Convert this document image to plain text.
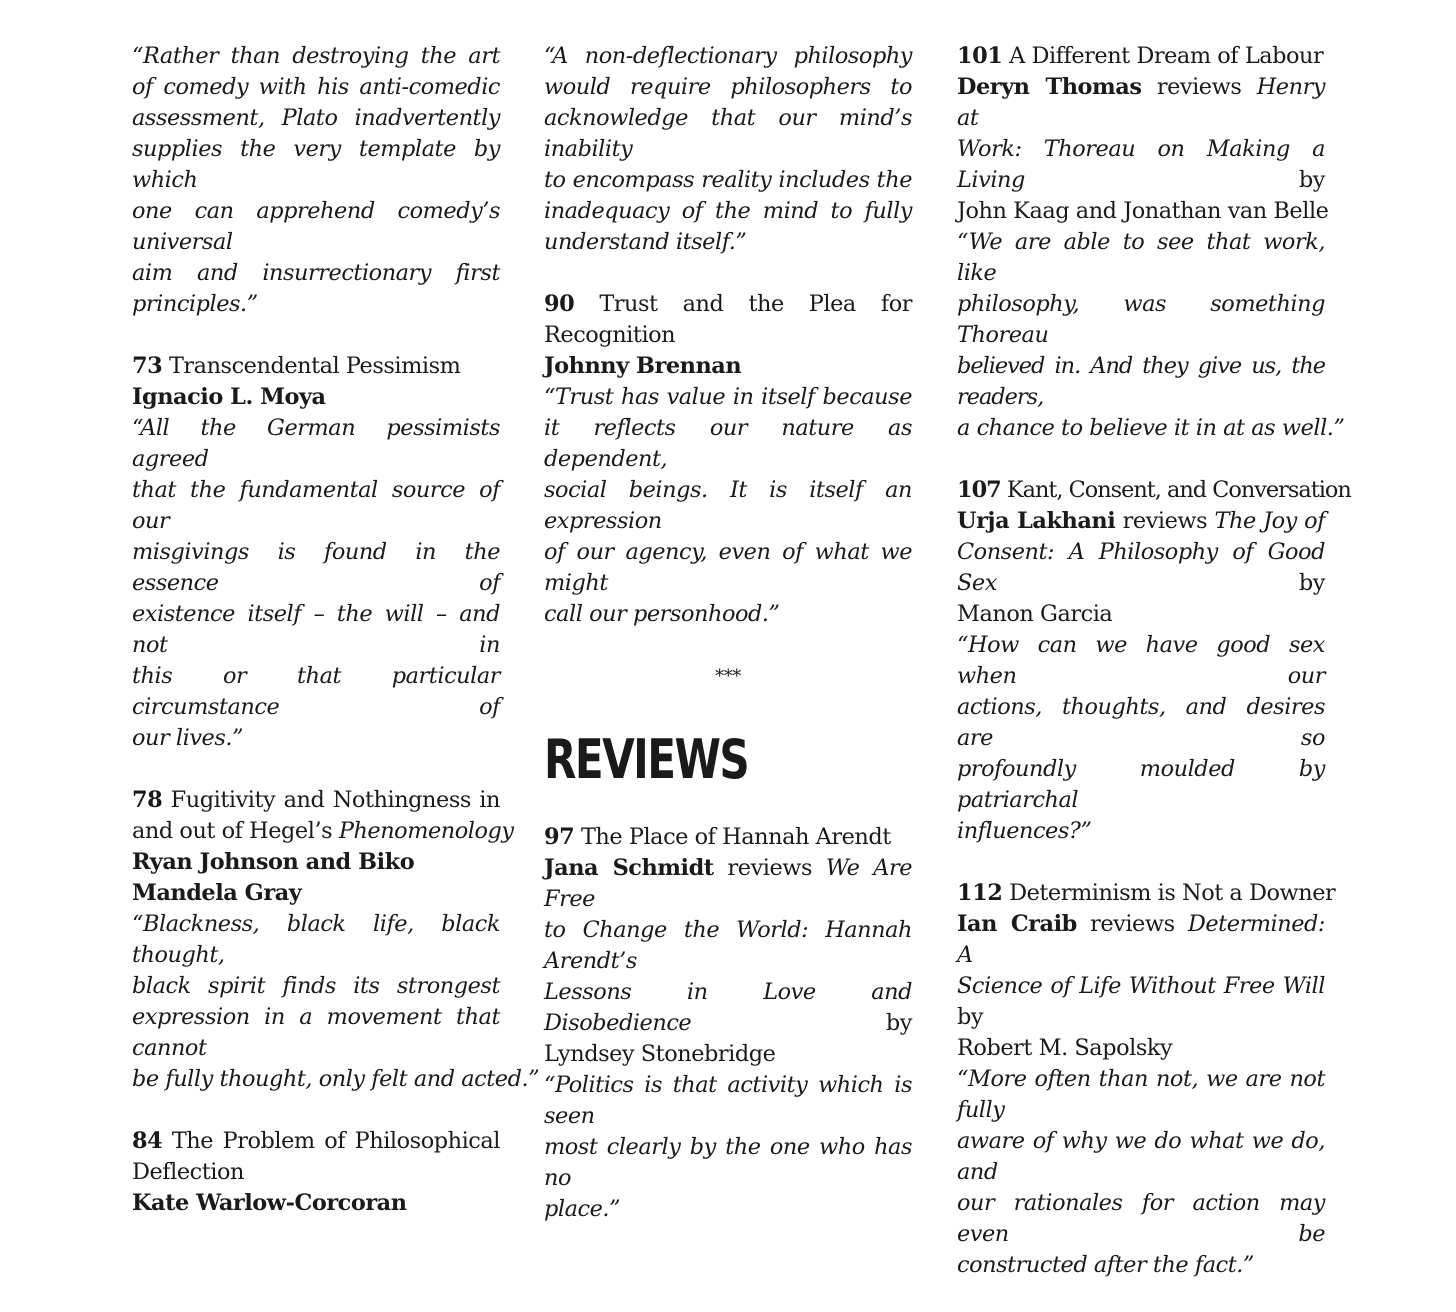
“Rather than destroying the art
of comedy with his anti-comedic
assessment, Plato inadvertently
supplies the very template by which
one can apprehend comedy’s universal
aim and insurrectionary first
principles.”
73 Transcendental Pessimism
Ignacio L. Moya
“All the German pessimists agreed
that the fundamental source of our
misgivings is found in the essence of
existence itself – the will – and not in
this or that particular circumstance of
our lives.”
78 Fugitivity and Nothingness in
and out of Hegel’s Phenomenology
Ryan Johnson and Biko
Mandela Gray
“Blackness, black life, black thought,
black spirit finds its strongest
expression in a movement that cannot
be fully thought, only felt and acted.”
84 The Problem of Philosophical
Deflection
Kate Warlow-Corcoran
“A non-deflectionary philosophy
would require philosophers to
acknowledge that our mind’s inability
to encompass reality includes the
inadequacy of the mind to fully
understand itself.”
90 Trust and the Plea for
Recognition
Johnny Brennan
“Trust has value in itself because
it reflects our nature as dependent,
social beings. It is itself an expression
of our agency, even of what we might
call our personhood.”
***
REVIEWS
97 The Place of Hannah Arendt
Jana Schmidt reviews We Are Free
to Change the World: Hannah Arendt’s
Lessons in Love and Disobedience	by
Lyndsey Stonebridge
“Politics is that activity which is seen
most clearly by the one who has no
place.”
101 A Different Dream of Labour
Deryn Thomas reviews Henry at
Work: Thoreau on Making a Living	by
John Kaag and Jonathan van Belle
“We are able to see that work, like
philosophy, was something Thoreau
believed in. And they give us, the readers,
a chance to believe it in at as well.”
107 Kant, Consent, and Conversation
Urja Lakhani reviews The Joy of
Consent: A Philosophy of Good Sex	by
Manon Garcia
“How can we have good sex when our
actions, thoughts, and desires are so
profoundly moulded by patriarchal
influences?”
112 Determinism is Not a Downer
Ian Craib reviews Determined: A
Science of Life Without Free Will by
Robert M. Sapolsky
“More often than not, we are not fully
aware of why we do what we do, and
our rationales for action may even be
constructed after the fact.”
